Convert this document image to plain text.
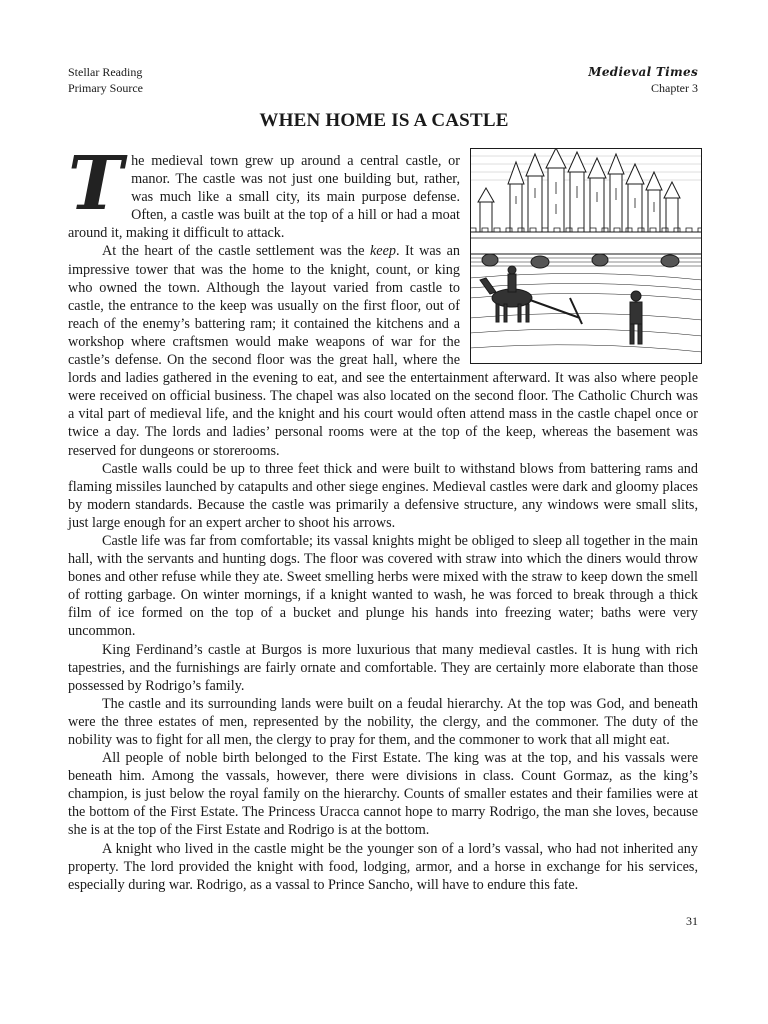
Stellar Reading
Primary Source
Medieval Times
Chapter 3
WHEN HOME IS A CASTLE

The medieval town grew up around a central castle, or manor. The castle was not just one building but, rather, was much like a small city, its main purpose defense. Often, a castle was built at the top of a hill or had a moat around it, making it difficult to attack.

At the heart of the castle settlement was the keep. It was an impressive tower that was the home to the knight, count, or king who owned the town. Although the layout varied from castle to castle, the entrance to the keep was usually on the first floor, out of reach of the enemy’s battering ram; it contained the kitchens and a workshop where craftsmen would make weapons of war for the castle’s defense. On the second floor was the great hall, where the lords and ladies gathered in the evening to eat, and see the entertainment afterward. It was also where people were received on official business. The chapel was also located on the second floor. The Catholic Church was a vital part of medieval life, and the knight and his court would often attend mass in the castle chapel once or twice a day. The lords and ladies’ personal rooms were at the top of the keep, whereas the basement was reserved for dungeons or storerooms.

Castle walls could be up to three feet thick and were built to withstand blows from battering rams and flaming missiles launched by catapults and other siege engines. Medieval castles were dark and gloomy places by modern standards. Because the castle was primarily a defensive structure, any windows were small slits, just large enough for an expert archer to shoot his arrows.

Castle life was far from comfortable; its vassal knights might be obliged to sleep all together in the main hall, with the servants and hunting dogs. The floor was covered with straw into which the diners would throw bones and other refuse while they ate. Sweet smelling herbs were mixed with the straw to keep down the smell of rotting garbage. On winter mornings, if a knight wanted to wash, he was forced to break through a thick film of ice formed on the top of a bucket and plunge his hands into freezing water; baths were very uncommon.

King Ferdinand’s castle at Burgos is more luxurious that many medieval castles. It is hung with rich tapestries, and the furnishings are fairly ornate and comfortable. They are certainly more elaborate than those possessed by Rodrigo’s family.

The castle and its surrounding lands were built on a feudal hierarchy. At the top was God, and beneath were the three estates of men, represented by the nobility, the clergy, and the commoner. The duty of the nobility was to fight for all men, the clergy to pray for them, and the commoner to work that all might eat.

All people of noble birth belonged to the First Estate. The king was at the top, and his vassals were beneath him. Among the vassals, however, there were divisions in class. Count Gormaz, as the king’s champion, is just below the royal family on the hierarchy. Counts of smaller estates and their families were at the bottom of the First Estate. The Princess Uracca cannot hope to marry Rodrigo, the man she loves, because she is at the top of the First Estate and Rodrigo is at the bottom.

A knight who lived in the castle might be the younger son of a lord’s vassal, who had not inherited any property. The lord provided the knight with food, lodging, armor, and a horse in exchange for his services, especially during war. Rodrigo, as a vassal to Prince Sancho, will have to endure this fate.

31
